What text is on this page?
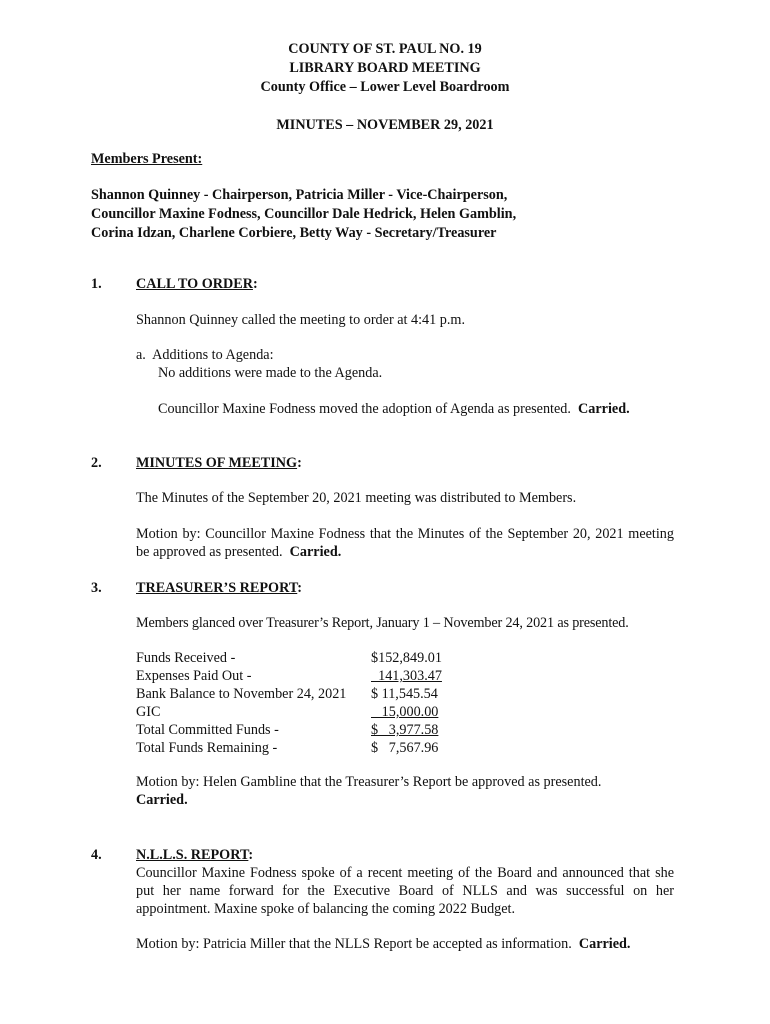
COUNTY OF ST. PAUL NO. 19
LIBRARY BOARD MEETING
County Office – Lower Level Boardroom
MINUTES – NOVEMBER 29, 2021
Members Present:
Shannon Quinney - Chairperson, Patricia Miller - Vice-Chairperson,
Councillor Maxine Fodness, Councillor Dale Hedrick, Helen Gamblin,
Corina Idzan, Charlene Corbiere, Betty Way - Secretary/Treasurer
1. CALL TO ORDER:
Shannon Quinney called the meeting to order at 4:41 p.m.
a.  Additions to Agenda:
No additions were made to the Agenda.
Councillor Maxine Fodness moved the adoption of Agenda as presented. Carried.
2. MINUTES OF MEETING:
The Minutes of the September 20, 2021 meeting was distributed to Members.
Motion by: Councillor Maxine Fodness that the Minutes of the September 20, 2021 meeting be approved as presented. Carried.
3. TREASURER’S REPORT:
Members glanced over Treasurer’s Report, January 1 – November 24, 2021 as presented.
Funds Received -	$152,849.01
Expenses Paid Out -	141,303.47
Bank Balance to November 24, 2021	$ 11,545.54
GIC	15,000.00
Total Committed Funds -	$   3,977.58
Total Funds Remaining -	$   7,567.96
Motion by: Helen Gambline that the Treasurer’s Report be approved as presented.
Carried.
4. N.L.L.S. REPORT:
Councillor Maxine Fodness spoke of a recent meeting of the Board and announced that she put her name forward for the Executive Board of NLLS and was successful on her appointment. Maxine spoke of balancing the coming 2022 Budget.
Motion by: Patricia Miller that the NLLS Report be accepted as information. Carried.
